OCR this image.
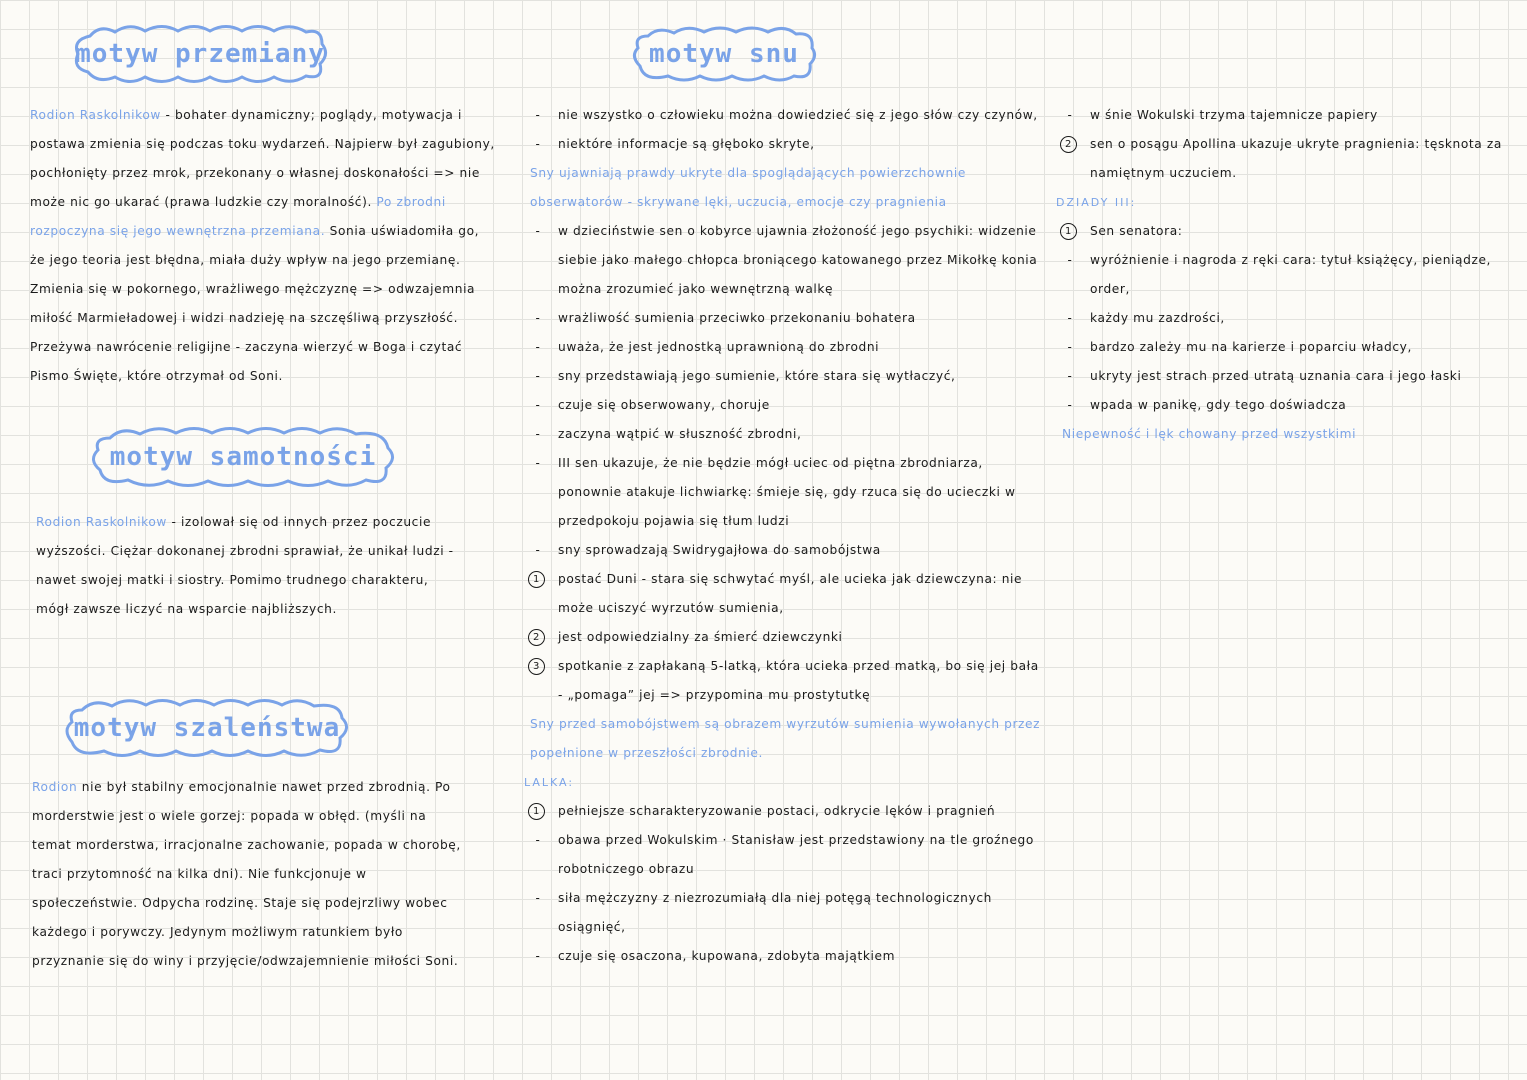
motyw przemiany

Rodion Raskolnikow - bohater dynamiczny; poglądy, motywacja i postawa zmienia się podczas toku wydarzeń. Najpierw był zagubiony, pochłonięty przez mrok, przekonany o własnej doskonałości => nie może nic go ukarać (prawa ludzkie czy moralność). Po zbrodni rozpoczyna się jego wewnętrzna przemiana. Sonia uświadomiła go, że jego teoria jest błędna, miała duży wpływ na jego przemianę. Zmienia się w pokornego, wrażliwego mężczyznę => odwzajemnia miłość Marmieładowej i widzi nadzieję na szczęśliwą przyszłość. Przeżywa nawrócenie religijne - zaczyna wierzyć w Boga i czytać Pismo Święte, które otrzymał od Soni.

motyw samotności

Rodion Raskolnikow - izolował się od innych przez poczucie wyższości. Ciężar dokonanej zbrodni sprawiał, że unikał ludzi - nawet swojej matki i siostry. Pomimo trudnego charakteru, mógł zawsze liczyć na wsparcie najbliższych.

motyw szaleństwa

Rodion nie był stabilny emocjonalnie nawet przed zbrodnią. Po morderstwie jest o wiele gorzej: popada w obłęd. (myśli na temat morderstwa, irracjonalne zachowanie, popada w chorobę, traci przytomność na kilka dni). Nie funkcjonuje w społeczeństwie. Odpycha rodzinę. Staje się podejrzliwy wobec każdego i porywczy. Jedynym możliwym ratunkiem było przyznanie się do winy i przyjęcie/odwzajemnienie miłości Soni.

motyw snu
-	nie wszystko o człowieku można dowiedzieć się z jego słów czy czynów,
-	niektóre informacje są głęboko skryte,
Sny ujawniają prawdy ukryte dla spoglądających powierzchownie obserwatorów - skrywane lęki, uczucia, emocje czy pragnienia
-	w dzieciństwie sen o kobyrce ujawnia złożoność jego psychiki: widzenie siebie jako małego chłopca broniącego katowanego przez Mikołkę konia można zrozumieć jako wewnętrzną walkę
-	wrażliwość sumienia przeciwko przekonaniu bohatera
-	uważa, że jest jednostką uprawnioną do zbrodni
-	sny przedstawiają jego sumienie, które stara się wytłaczyć,
-	czuje się obserwowany, choruje
-	zaczyna wątpić w słuszność zbrodni,
-	III sen ukazuje, że nie będzie mógł uciec od piętna zbrodniarza, ponownie atakuje lichwiarkę: śmieje się, gdy rzuca się do ucieczki w przedpokoju pojawia się tłum ludzi
-	sny sprowadzają Swidrygajłowa do samobójstwa
1	postać Duni - stara się schwytać myśl, ale ucieka jak dziewczyna: nie może uciszyć wyrzutów sumienia,
2	jest odpowiedzialny za śmierć dziewczynki
3	spotkanie z zapłakaną 5-latką, która ucieka przed matką, bo się jej bała - „pomaga” jej => przypomina mu prostytutkę
Sny przed samobójstwem są obrazem wyrzutów sumienia wywołanych przez popełnione w przeszłości zbrodnie.
LALKA:
1	pełniejsze scharakteryzowanie postaci, odkrycie lęków i pragnień
-	obawa przed Wokulskim · Stanisław jest przedstawiony na tle groźnego robotniczego obrazu
-	siła mężczyzny z niezrozumiałą dla niej potęgą technologicznych osiągnięć,
-	czuje się osaczona, kupowana, zdobyta majątkiem
-	w śnie Wokulski trzyma tajemnicze papiery
2	sen o posągu Apollina ukazuje ukryte pragnienia: tęsknota za namiętnym uczuciem.
DZIADY III:
1	Sen senatora:
-	wyróżnienie i nagroda z ręki cara: tytuł książęcy, pieniądze, order,
-	każdy mu zazdrości,
-	bardzo zależy mu na karierze i poparciu władcy,
-	ukryty jest strach przed utratą uznania cara i jego łaski
-	wpada w panikę, gdy tego doświadcza
Niepewność i lęk chowany przed wszystkimi
